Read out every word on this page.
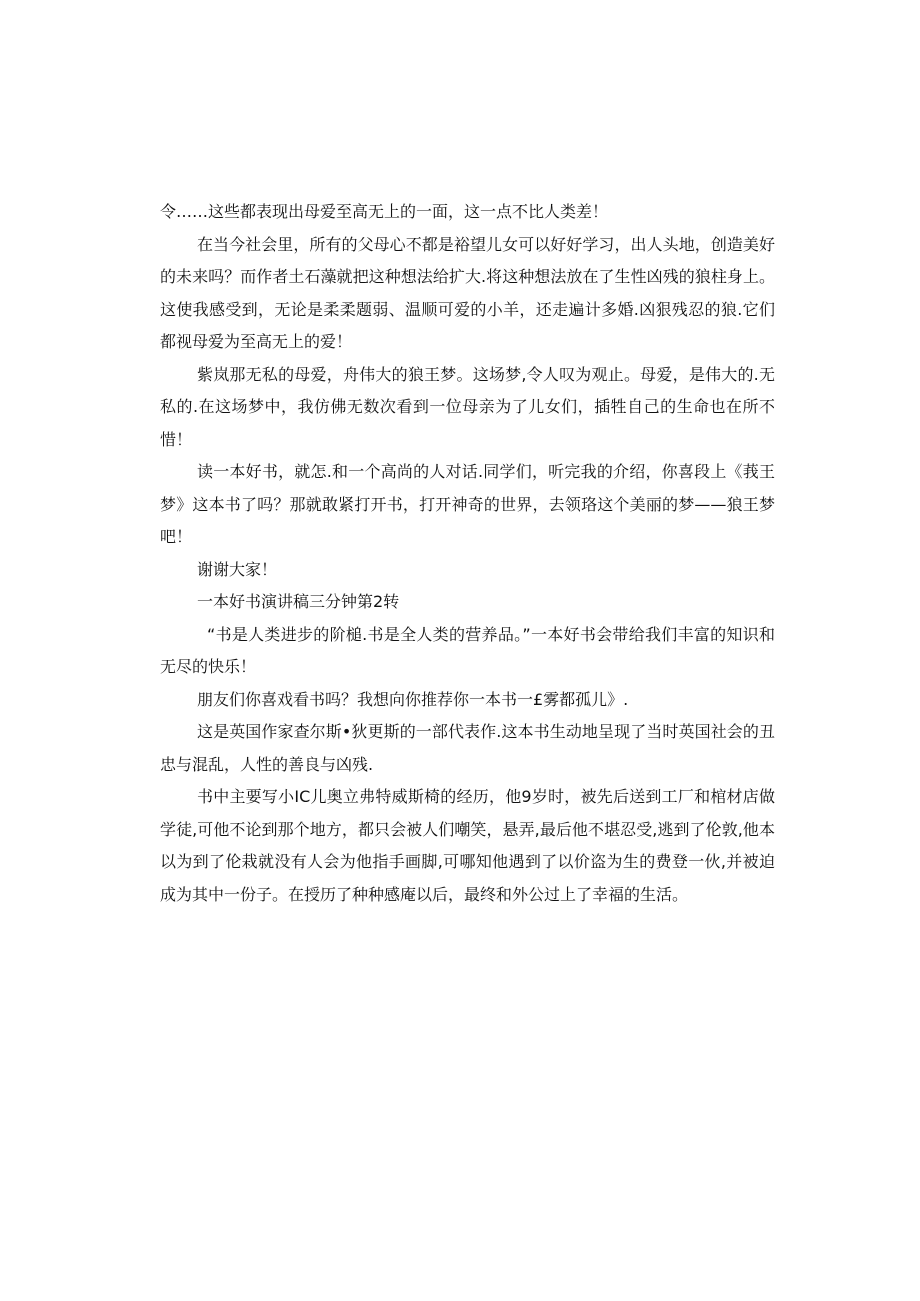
令……这些都表现出母爱至高无上的一面，这一点不比人类差！

在当今社会里，所有的父母心不都是裕望儿女可以好好学习，出人头地，创造美好的未来吗？而作者土石藻就把这种想法给扩大.将这种想法放在了生性凶残的狼柱身上。这使我感受到，无论是柔柔题弱、温顺可爱的小羊，还走遍计多婚.凶狠残忍的狼.它们都视母爱为至高无上的爱！

紫岚那无私的母爱，舟伟大的狼王梦。这场梦,令人叹为观止。母爱，是伟大的.无私的.在这场梦中，我仿佛无数次看到一位母亲为了儿女们，插牲自己的生命也在所不惜！

读一本好书，就怎.和一个高尚的人对话.同学们，听完我的介绍，你喜段上《莪王梦》这本书了吗？那就敢紧打开书，打开神奇的世界，去领珞这个美丽的梦——狼王梦吧！

谢谢大家！

一本好书演讲稿三分钟第2转

“书是人类进步的阶槌.书是全人类的营养品。”一本好书会带给我们丰富的知识和无尽的快乐！

朋友们你喜戏看书吗？我想向你推荐你一本书一£雾都孤儿》.

这是英国作家查尔斯•狄更斯的一部代表作.这本书生动地呈现了当时英国社会的丑忠与混乱，人性的善良与凶残.

书中主要写小IC儿奥立弗特威斯椅的经历，他9岁时，被先后送到工厂和棺材店做学徒,可他不论到那个地方，都只会被人们嘲笑，悬弄,最后他不堪忍受,逃到了伦敦,他本以为到了伦栽就没有人会为他指手画脚,可哪知他遇到了以价盗为生的费登一伙,并被迫成为其中一份子。在授历了种种感庵以后，最终和外公过上了幸福的生活。
